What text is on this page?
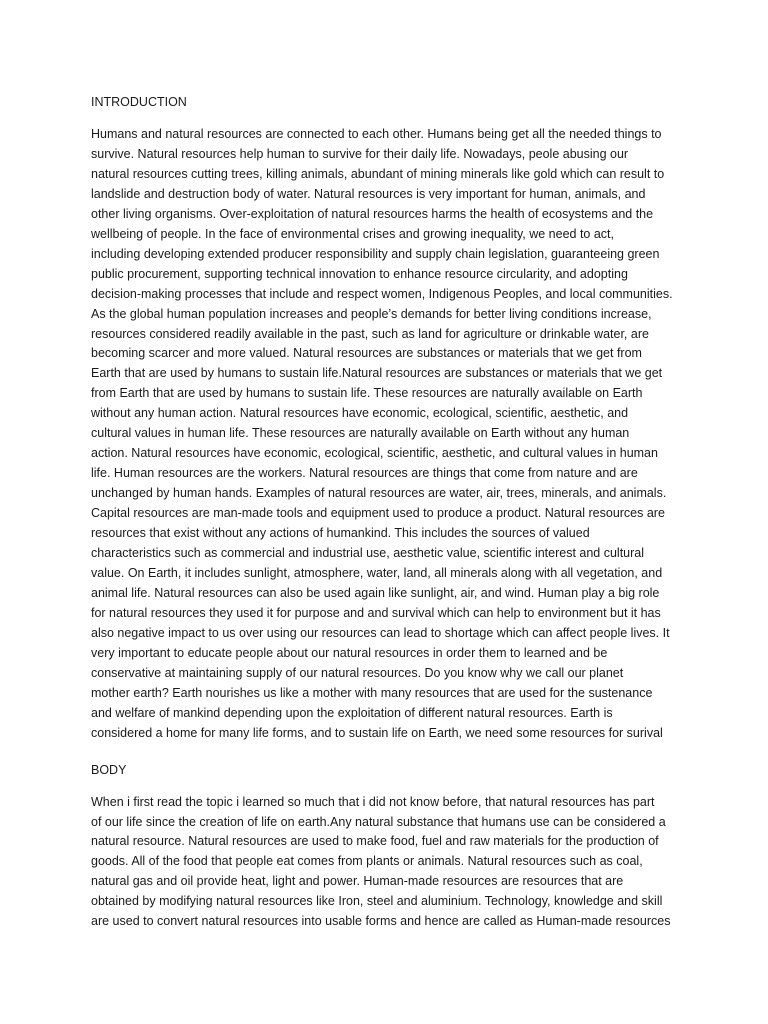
INTRODUCTION
Humans and natural resources are connected to each other. Humans being get all the needed things to
survive. Natural resources help human to survive for their daily life. Nowadays, peole abusing our
natural resources cutting trees, killing animals, abundant of mining minerals like gold which can result to
landslide and destruction body of water. Natural resources is very important for human, animals, and
other living organisms. Over-exploitation of natural resources harms the health of ecosystems and the
wellbeing of people. In the face of environmental crises and growing inequality, we need to act,
including developing extended producer responsibility and supply chain legislation, guaranteeing green
public procurement, supporting technical innovation to enhance resource circularity, and adopting
decision-making processes that include and respect women, Indigenous Peoples, and local communities.
As the global human population increases and people’s demands for better living conditions increase,
resources considered readily available in the past, such as land for agriculture or drinkable water, are
becoming scarcer and more valued. Natural resources are substances or materials that we get from
Earth that are used by humans to sustain life.Natural resources are substances or materials that we get
from Earth that are used by humans to sustain life. These resources are naturally available on Earth
without any human action. Natural resources have economic, ecological, scientific, aesthetic, and
cultural values in human life. These resources are naturally available on Earth without any human
action. Natural resources have economic, ecological, scientific, aesthetic, and cultural values in human
life. Human resources are the workers. Natural resources are things that come from nature and are
unchanged by human hands. Examples of natural resources are water, air, trees, minerals, and animals.
Capital resources are man-made tools and equipment used to produce a product. Natural resources are
resources that exist without any actions of humankind. This includes the sources of valued
characteristics such as commercial and industrial use, aesthetic value, scientific interest and cultural
value. On Earth, it includes sunlight, atmosphere, water, land, all minerals along with all vegetation, and
animal life. Natural resources can also be used again like sunlight, air, and wind. Human play a big role
for natural resources they used it for purpose and and survival which can help to environment but it has
also negative impact to us over using our resources can lead to shortage which can affect people lives. It
very important to educate people about our natural resources in order them to learned and be
conservative at maintaining supply of our natural resources. Do you know why we call our planet
mother earth? Earth nourishes us like a mother with many resources that are used for the sustenance
and welfare of mankind depending upon the exploitation of different natural resources. Earth is
considered a home for many life forms, and to sustain life on Earth, we need some resources for surival
BODY
When i first read the topic i learned so much that i did not know before, that natural resources has part
of our life since the creation of life on earth.Any natural substance that humans use can be considered a
natural resource. Natural resources are used to make food, fuel and raw materials for the production of
goods. All of the food that people eat comes from plants or animals. Natural resources such as coal,
natural gas and oil provide heat, light and power. Human-made resources are resources that are
obtained by modifying natural resources like Iron, steel and aluminium. Technology, knowledge and skill
are used to convert natural resources into usable forms and hence are called as Human-made resources
